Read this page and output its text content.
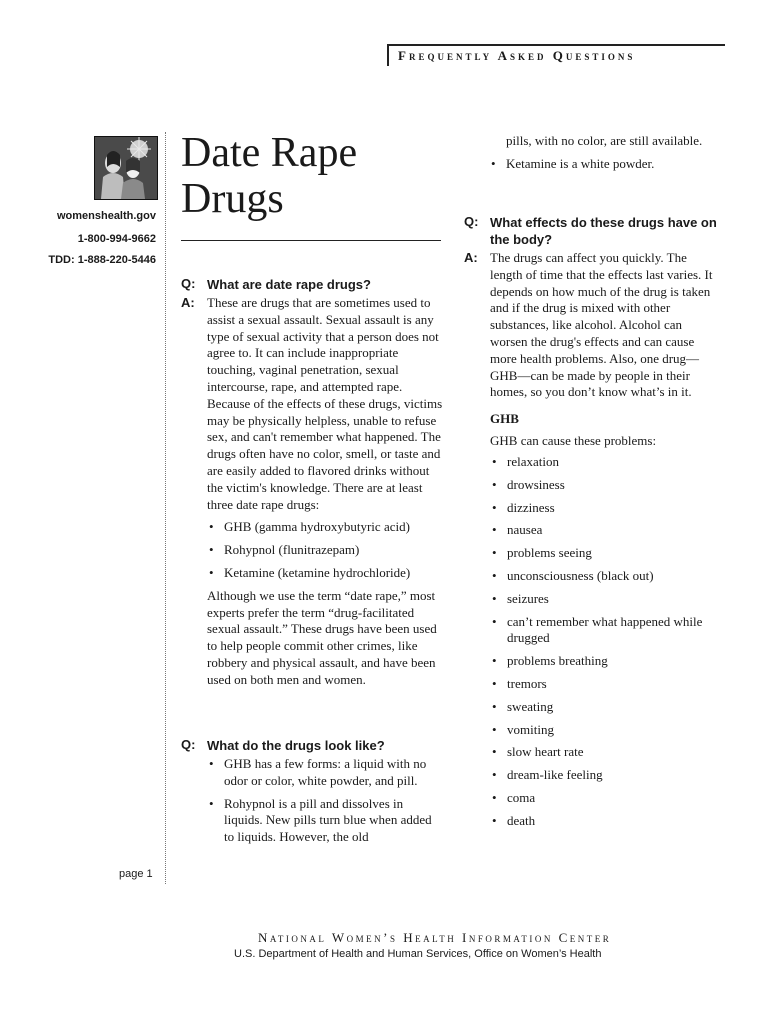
Frequently Asked Questions
womenshealth.gov
1-800-994-9662
TDD: 1-888-220-5446
page 1
Date Rape
Drugs
Q: What are date rape drugs?
A: These are drugs that are sometimes used to assist a sexual assault. Sexual assault is any type of sexual activity that a person does not agree to. It can include inappropriate touching, vaginal penetration, sexual intercourse, rape, and attempted rape. Because of the effects of these drugs, victims may be physically helpless, unable to refuse sex, and can't remember what happened. The drugs often have no color, smell, or taste and are easily added to flavored drinks without the victim's knowledge. There are at least three date rape drugs:
• GHB (gamma hydroxybutyric acid)
• Rohypnol (flunitrazepam)
• Ketamine (ketamine hydrochloride)
Although we use the term “date rape,” most experts prefer the term “drug-facilitated sexual assault.” These drugs have been used to help people commit other crimes, like robbery and physical assault, and have been used on both men and women.
Q: What do the drugs look like?
• GHB has a few forms: a liquid with no odor or color, white powder, and pill.
• Rohypnol is a pill and dissolves in liquids. New pills turn blue when added to liquids. However, the old
pills, with no color, are still available.
• Ketamine is a white powder.
Q: What effects do these drugs have on the body?
A: The drugs can affect you quickly. The length of time that the effects last varies. It depends on how much of the drug is taken and if the drug is mixed with other substances, like alcohol. Alcohol can worsen the drug's effects and can cause more health problems. Also, one drug—GHB—can be made by people in their homes, so you don’t know what’s in it.
GHB
GHB can cause these problems:
• relaxation
• drowsiness
• dizziness
• nausea
• problems seeing
• unconsciousness (black out)
• seizures
• can’t remember what happened while drugged
• problems breathing
• tremors
• sweating
• vomiting
• slow heart rate
• dream-like feeling
• coma
• death
National Women’s Health Information Center
U.S. Department of Health and Human Services, Office on Women’s Health
